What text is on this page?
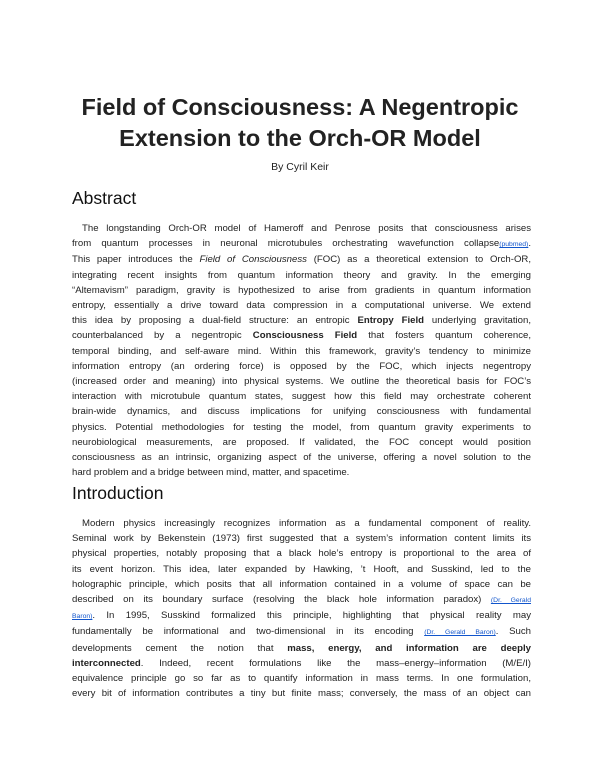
Field of Consciousness: A Negentropic
Extension to the Orch-OR Model
By Cyril Keir
Abstract
The longstanding Orch-OR model of Hameroff and Penrose posits that consciousness arises
from quantum processes in neuronal microtubules orchestrating wavefunction collapse(pubmed).
This paper introduces the Field of Consciousness (FOC) as a theoretical extension to Orch-OR,
integrating recent insights from quantum information theory and gravity. In the emerging
“Altemavism” paradigm, gravity is hypothesized to arise from gradients in quantum information
entropy, essentially a drive toward data compression in a computational universe. We extend
this idea by proposing a dual-field structure: an entropic Entropy Field underlying gravitation,
counterbalanced by a negentropic Consciousness Field that fosters quantum coherence,
temporal binding, and self-aware mind. Within this framework, gravity’s tendency to minimize
information entropy (an ordering force) is opposed by the FOC, which injects negentropy
(increased order and meaning) into physical systems. We outline the theoretical basis for FOC’s
interaction with microtubule quantum states, suggest how this field may orchestrate coherent
brain-wide dynamics, and discuss implications for unifying consciousness with fundamental
physics. Potential methodologies for testing the model, from quantum gravity experiments to
neurobiological measurements, are proposed. If validated, the FOC concept would position
consciousness as an intrinsic, organizing aspect of the universe, offering a novel solution to the
hard problem and a bridge between mind, matter, and spacetime.
Introduction
Modern physics increasingly recognizes information as a fundamental component of reality.
Seminal work by Bekenstein (1973) first suggested that a system’s information content limits its
physical properties, notably proposing that a black hole’s entropy is proportional to the area of
its event horizon. This idea, later expanded by Hawking, ’t Hooft, and Susskind, led to the
holographic principle, which posits that all information contained in a volume of space can be
described on its boundary surface (resolving the black hole information paradox) (Dr. Gerald
Baron). In 1995, Susskind formalized this principle, highlighting that physical reality may
fundamentally be informational and two-dimensional in its encoding (Dr. Gerald Baron). Such
developments cement the notion that mass, energy, and information are deeply
interconnected. Indeed, recent formulations like the mass–energy–information (M/E/I)
equivalence principle go so far as to quantify information in mass terms. In one formulation,
every bit of information contributes a tiny but finite mass; conversely, the mass of an object can
